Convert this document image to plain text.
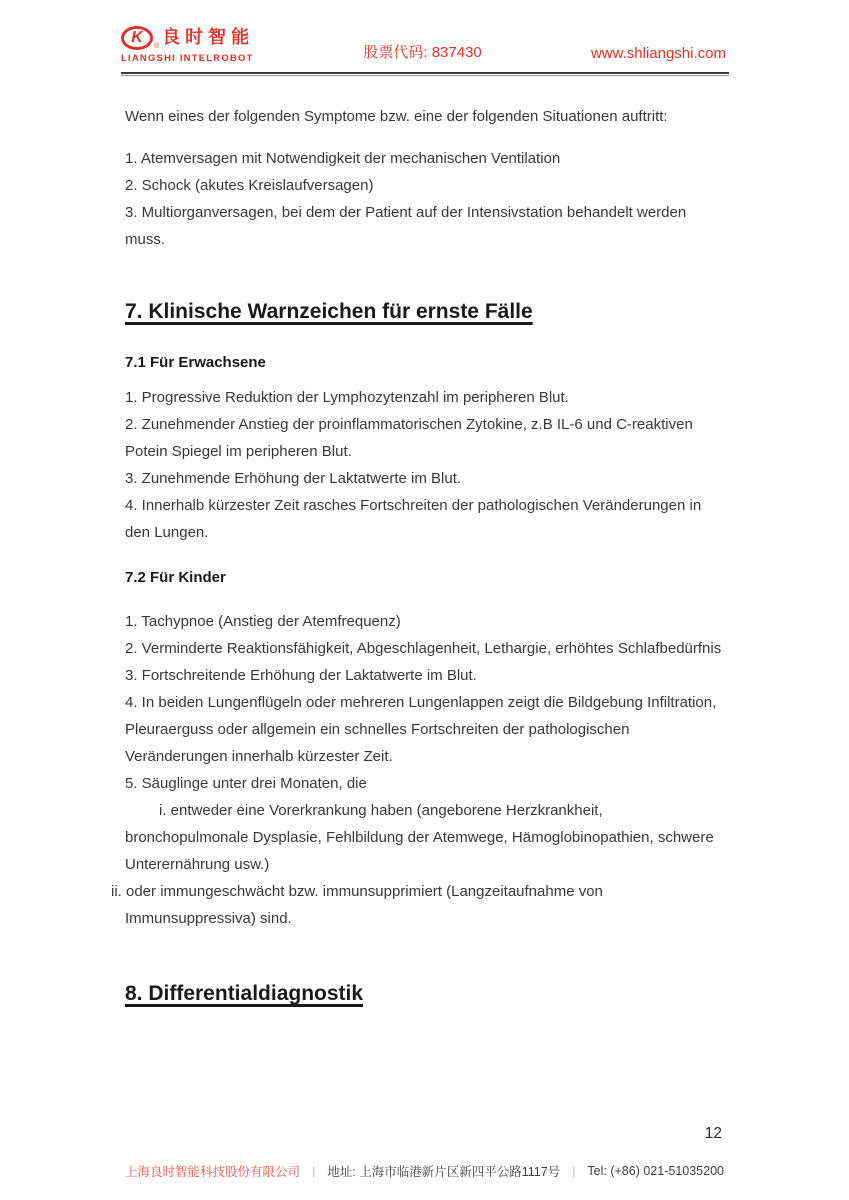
K
® 良时智能
LIANGSHI INTELROBOT	股票代码: 837430	www.shliangshi.com

Wenn eines der folgenden Symptome bzw. eine der folgenden Situationen auftritt:

1. Atemversagen mit Notwendigkeit der mechanischen Ventilation

2. Schock (akutes Kreislaufversagen)

3. Multiorganversagen, bei dem der Patient auf der Intensivstation behandelt werden muss.

7. Klinische Warnzeichen für ernste Fälle
7.1 Für Erwachsene

1. Progressive Reduktion der Lymphozytenzahl im peripheren Blut.

2. Zunehmender Anstieg der proinflammatorischen Zytokine, z.B IL-6 und C-reaktiven Potein Spiegel im peripheren Blut.

3. Zunehmende Erhöhung der Laktatwerte im Blut.

4. Innerhalb kürzester Zeit rasches Fortschreiten der pathologischen Veränderungen in den Lungen.

7.2 Für Kinder

1. Tachypnoe (Anstieg der Atemfrequenz)

2. Verminderte Reaktionsfähigkeit, Abgeschlagenheit, Lethargie, erhöhtes Schlafbedürfnis

3. Fortschreitende Erhöhung der Laktatwerte im Blut.

4. In beiden Lungenflügeln oder mehreren Lungenlappen zeigt die Bildgebung Infiltration, Pleuraerguss oder allgemein ein schnelles Fortschreiten der pathologischen Veränderungen innerhalb kürzester Zeit.

5. Säuglinge unter drei Monaten, die

i. entweder eine Vorerkrankung haben (angeborene Herzkrankheit, bronchopulmonale Dysplasie, Fehlbildung der Atemwege, Hämoglobinopathien, schwere Unterernährung usw.)

ii. oder immungeschwächt bzw. immunsupprimiert (Langzeitaufnahme von Immunsuppressiva) sind.

8. Differentialdiagnostik
12
上海良时智能科技股份有限公司 | 地址: 上海市临港新片区新四平公路1117号 | Tel: (+86) 021-51035200
